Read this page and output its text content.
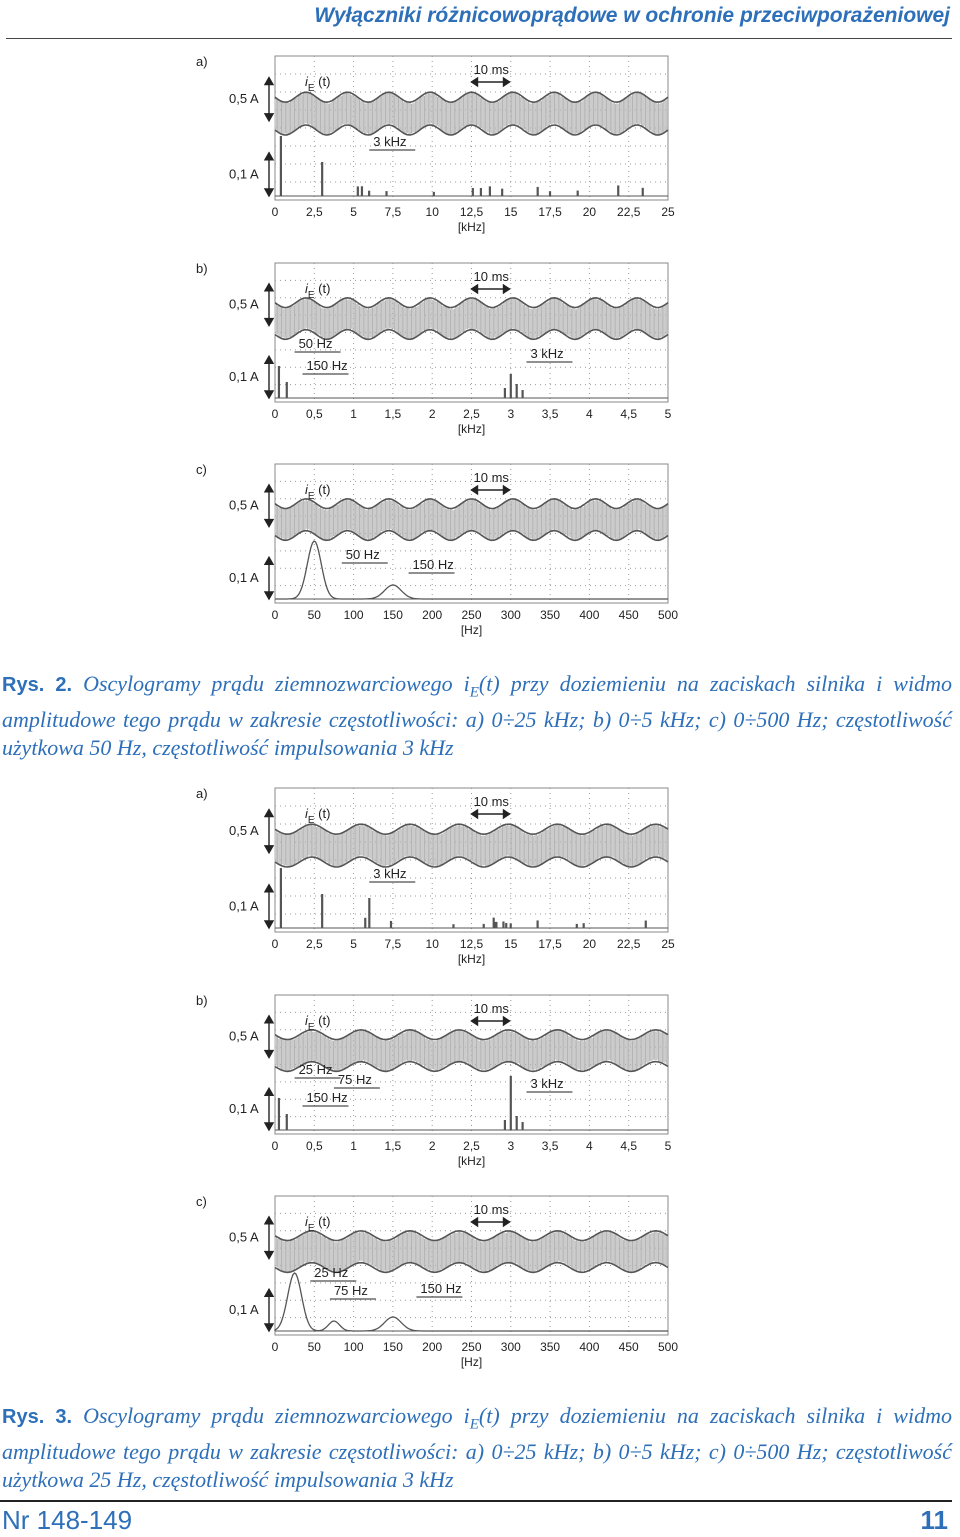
Wyłączniki różnicowoprądowe w ochronie przeciwporażeniowej
a)
$i_E$ (t)
10 ms
0,5 A
0,1 A
3 kHz
0 2,5 5 7,5 10 12,5 15 17,5 20 22,5 25
[kHz]
b)
$i_E$ (t)
10 ms
0,5 A
0,1 A
50 Hz
150 Hz
3 kHz
0 0,5 1 1,5 2 2,5 3 3,5 4 4,5 5
[kHz]
c)
$i_E$ (t)
10 ms
0,5 A
0,1 A
50 Hz
150 Hz
0 50 100 150 200 250 300 350 400 450 500
[Hz]
Rys. 2. Oscylogramy prądu ziemnozwarciowego $i_E(t)$ przy doziemieniu na zaciskach silnika i widmo amplitudowe tego prądu w zakresie częstotliwości: a) 0÷25 kHz; b) 0÷5 kHz; c) 0÷500 Hz; częstotliwość użytkowa 50 Hz, częstotliwość impulsowania 3 kHz
a)
$i_E$ (t)
10 ms
0,5 A
0,1 A
3 kHz
0 2,5 5 7,5 10 12,5 15 17,5 20 22,5 25
[kHz]
b)
$i_E$ (t)
10 ms
0,5 A
0,1 A
25 Hz
75 Hz
150 Hz
3 kHz
0 0,5 1 1,5 2 2,5 3 3,5 4 4,5 5
[kHz]
c)
$i_E$ (t)
10 ms
0,5 A
0,1 A
25 Hz
75 Hz	150 Hz
0 50 100 150 200 250 300 350 400 450 500
[Hz]
Rys. 3. Oscylogramy prądu ziemnozwarciowego $i_E(t)$ przy doziemieniu na zaciskach silnika i widmo amplitudowe tego prądu w zakresie częstotliwości: a) 0÷25 kHz; b) 0÷5 kHz; c) 0÷500 Hz; częstotliwość użytkowa 25 Hz, częstotliwość impulsowania 3 kHz
Nr 148-149	11
